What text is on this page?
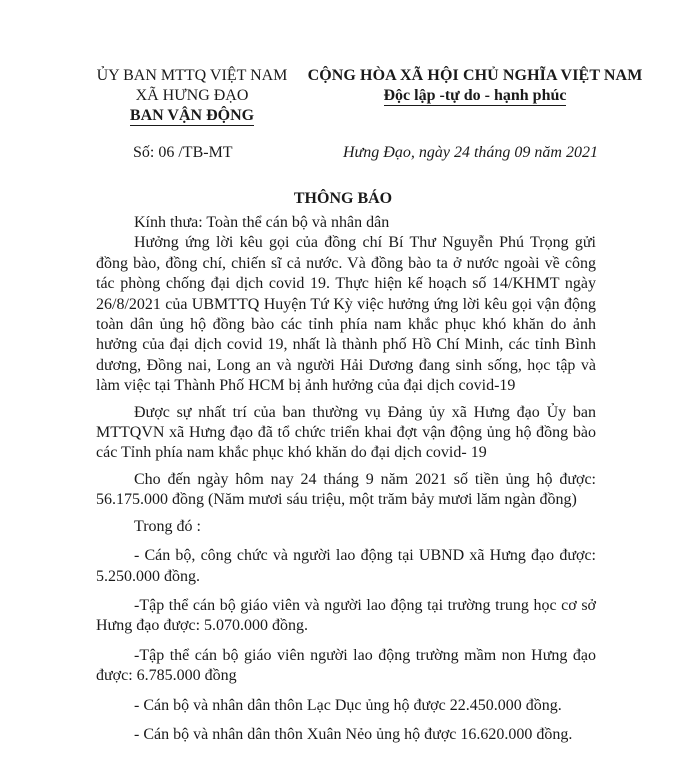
ỦY BAN MTTQ VIỆT NAM
XÃ HƯNG ĐẠO
BAN VẬN ĐỘNG
CỘNG HÒA XÃ HỘI CHỦ NGHĨA VIỆT NAM
Độc lập -tự do - hạnh phúc
Số: 06 /TB-MT	Hưng Đạo, ngày 24 tháng 09 năm 2021
THÔNG BÁO

Kính thưa: Toàn thể cán bộ và nhân dân

Hưởng ứng lời kêu gọi của đồng chí Bí Thư Nguyễn Phú Trọng gửi đồng bào, đồng chí, chiến sĩ cả nước. Và đồng bào ta ở nước ngoài về công tác phòng chống đại dịch covid 19. Thực hiện kế hoạch số 14/KHMT ngày 26/8/2021 của UBMTTQ Huyện Tứ Kỳ việc hưởng ứng lời kêu gọi vận động toàn dân ủng hộ đồng bào các tỉnh phía nam khắc phục khó khăn do ảnh hưởng của đại dịch covid 19, nhất là thành phố Hồ Chí Minh, các tỉnh Bình dương, Đồng nai, Long an và người Hải Dương đang sinh sống, học tập và làm việc tại Thành Phố HCM bị ảnh hưởng của đại dịch covid-19

Được sự nhất trí của ban thường vụ Đảng ủy xã Hưng đạo Ủy ban MTTQVN xã Hưng đạo đã tổ chức triển khai đợt vận động ủng hộ đồng bào các Tỉnh phía nam khắc phục khó khăn do đại dịch covid- 19

Cho đến ngày hôm nay 24 tháng 9 năm 2021 số tiền ủng hộ được: 56.175.000 đồng (Năm mươi sáu triệu, một trăm bảy mươi lăm ngàn đồng)

Trong đó :

- Cán bộ, công chức và người lao động tại UBND xã Hưng đạo được: 5.250.000 đồng.

-Tập thể cán bộ giáo viên và người lao động tại trường trung học cơ sở Hưng đạo được: 5.070.000 đồng.

-Tập thể cán bộ giáo viên người lao động trường mầm non Hưng đạo được: 6.785.000 đồng

- Cán bộ và nhân dân thôn Lạc Dục ủng hộ được 22.450.000 đồng.

- Cán bộ và nhân dân thôn Xuân Nẻo ủng hộ được 16.620.000 đồng.
